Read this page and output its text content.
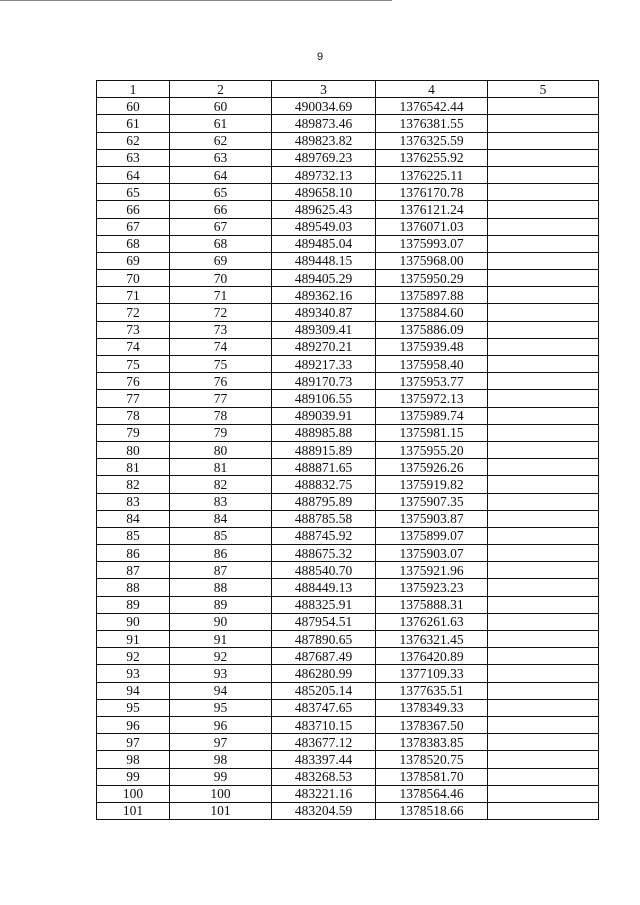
9
1	2	3	4	5
60	60	490034.69	1376542.44	
61	61	489873.46	1376381.55	
62	62	489823.82	1376325.59	
63	63	489769.23	1376255.92	
64	64	489732.13	1376225.11	
65	65	489658.10	1376170.78	
66	66	489625.43	1376121.24	
67	67	489549.03	1376071.03	
68	68	489485.04	1375993.07	
69	69	489448.15	1375968.00	
70	70	489405.29	1375950.29	
71	71	489362.16	1375897.88	
72	72	489340.87	1375884.60	
73	73	489309.41	1375886.09	
74	74	489270.21	1375939.48	
75	75	489217.33	1375958.40	
76	76	489170.73	1375953.77	
77	77	489106.55	1375972.13	
78	78	489039.91	1375989.74	
79	79	488985.88	1375981.15	
80	80	488915.89	1375955.20	
81	81	488871.65	1375926.26	
82	82	488832.75	1375919.82	
83	83	488795.89	1375907.35	
84	84	488785.58	1375903.87	
85	85	488745.92	1375899.07	
86	86	488675.32	1375903.07	
87	87	488540.70	1375921.96	
88	88	488449.13	1375923.23	
89	89	488325.91	1375888.31	
90	90	487954.51	1376261.63	
91	91	487890.65	1376321.45	
92	92	487687.49	1376420.89	
93	93	486280.99	1377109.33	
94	94	485205.14	1377635.51	
95	95	483747.65	1378349.33	
96	96	483710.15	1378367.50	
97	97	483677.12	1378383.85	
98	98	483397.44	1378520.75	
99	99	483268.53	1378581.70	
100	100	483221.16	1378564.46	
101	101	483204.59	1378518.66	
